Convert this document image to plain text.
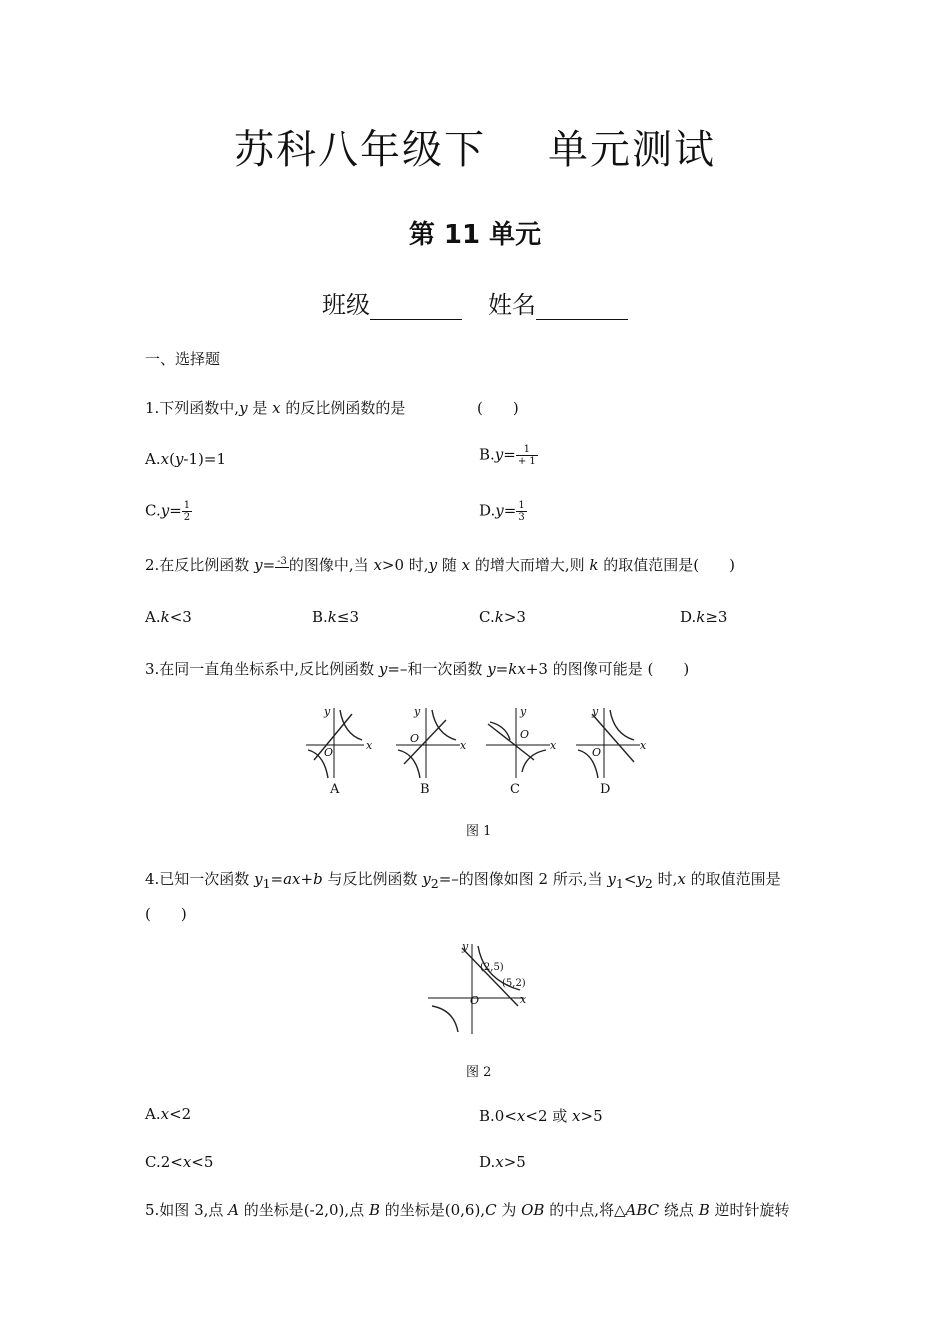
苏科八年级下 单元测试
第 11 单元
班级	姓名
一、选择题
1.下列函数中,y 是 x 的反比例函数的是	(　　)
A.x(y-1)=1	$B.y= \frac{1}{+ 1}$
$C.y= \frac{1}{2}$	$D.y= \frac{1}{3}$
2.在反比例函数 y= -3 的图像中,当 x>0 时,y 随 x 的增大而增大,则 k 的取值范围是(　　)
A.k<3	B.k≤3	C.k>3	D.k≥3
3.在同一直角坐标系中,反比例函数 y=–和一次函数 y=kx+3 的图像可能是 (　　)
x
y
O
A
x
y
O
B
x
y
O
C
x
y
O
D
图 1
4.已知一次函数 $y_1=ax+b$ 与反比例函数 $y_2=-$的图像如图 2 所示,当 $y_1<y_2$ 时,x 的取值范围是
(　　)
x
y
O
(2,5)
(5,2)
图 2
A.x<2	B.0<x<2 或 x>5
C.2<x<5	D.x>5
5.如图 3,点 A 的坐标是(-2,0),点 B 的坐标是(0,6),C 为 OB 的中点,将△ABC 绕点 B 逆时针旋转
